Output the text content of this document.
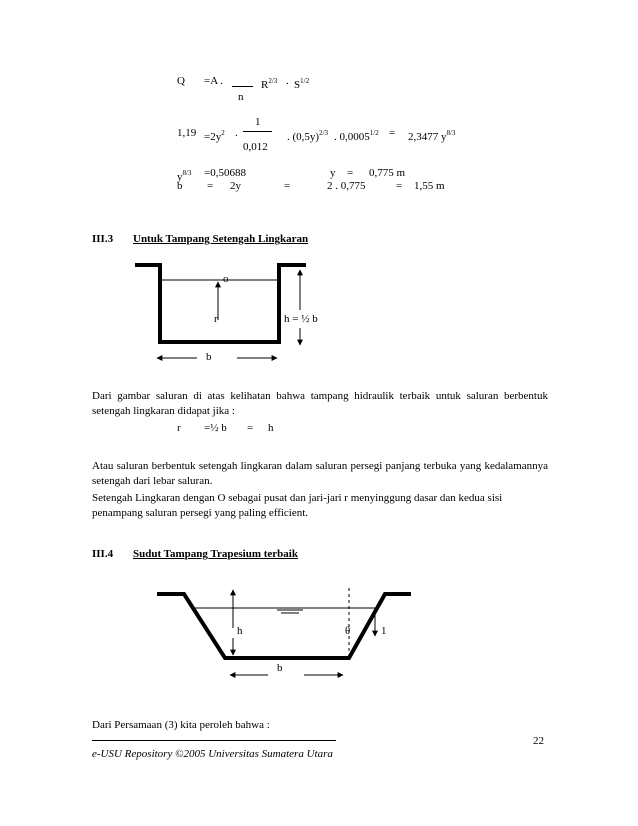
Q =A .
n
$R^{2/3}$ . $S^{1/2}$
$1,19 =2y^2$ .
1
0,012
. $(0,5y)^{2/3}$ . $0,0005^{1/2} = 2,3477$ $y^{8/3}$
$y^{8/3} =0,50688$	y = 0,775 m
b = 2y	=	2 . 0,775	= 1,55 m
III.3 Untuk Tampang Setengah Lingkaran
o
r	h = ½ b
b
Dari gambar saluran di atas kelihatan bahwa tampang hidraulik terbaik untuk saluran berbentuk setengah lingkaran didapat jika :
r =½ b = h
Atau saluran berbentuk setengah lingkaran dalam saluran persegi panjang terbuka yang kedalamannya setengah dari lebar saluran.
Setengah Lingkaran dengan O sebagai pusat dan jari-jari r menyinggung dasar dan kedua sisi penampang saluran persegi yang paling efficient.
III.4 Sudut Tampang Trapesium terbaik
h	θ	1
b
Dari Persamaan (3) kita peroleh bahwa :
22
e-USU Repository ©2005 Universitas Sumatera Utara
